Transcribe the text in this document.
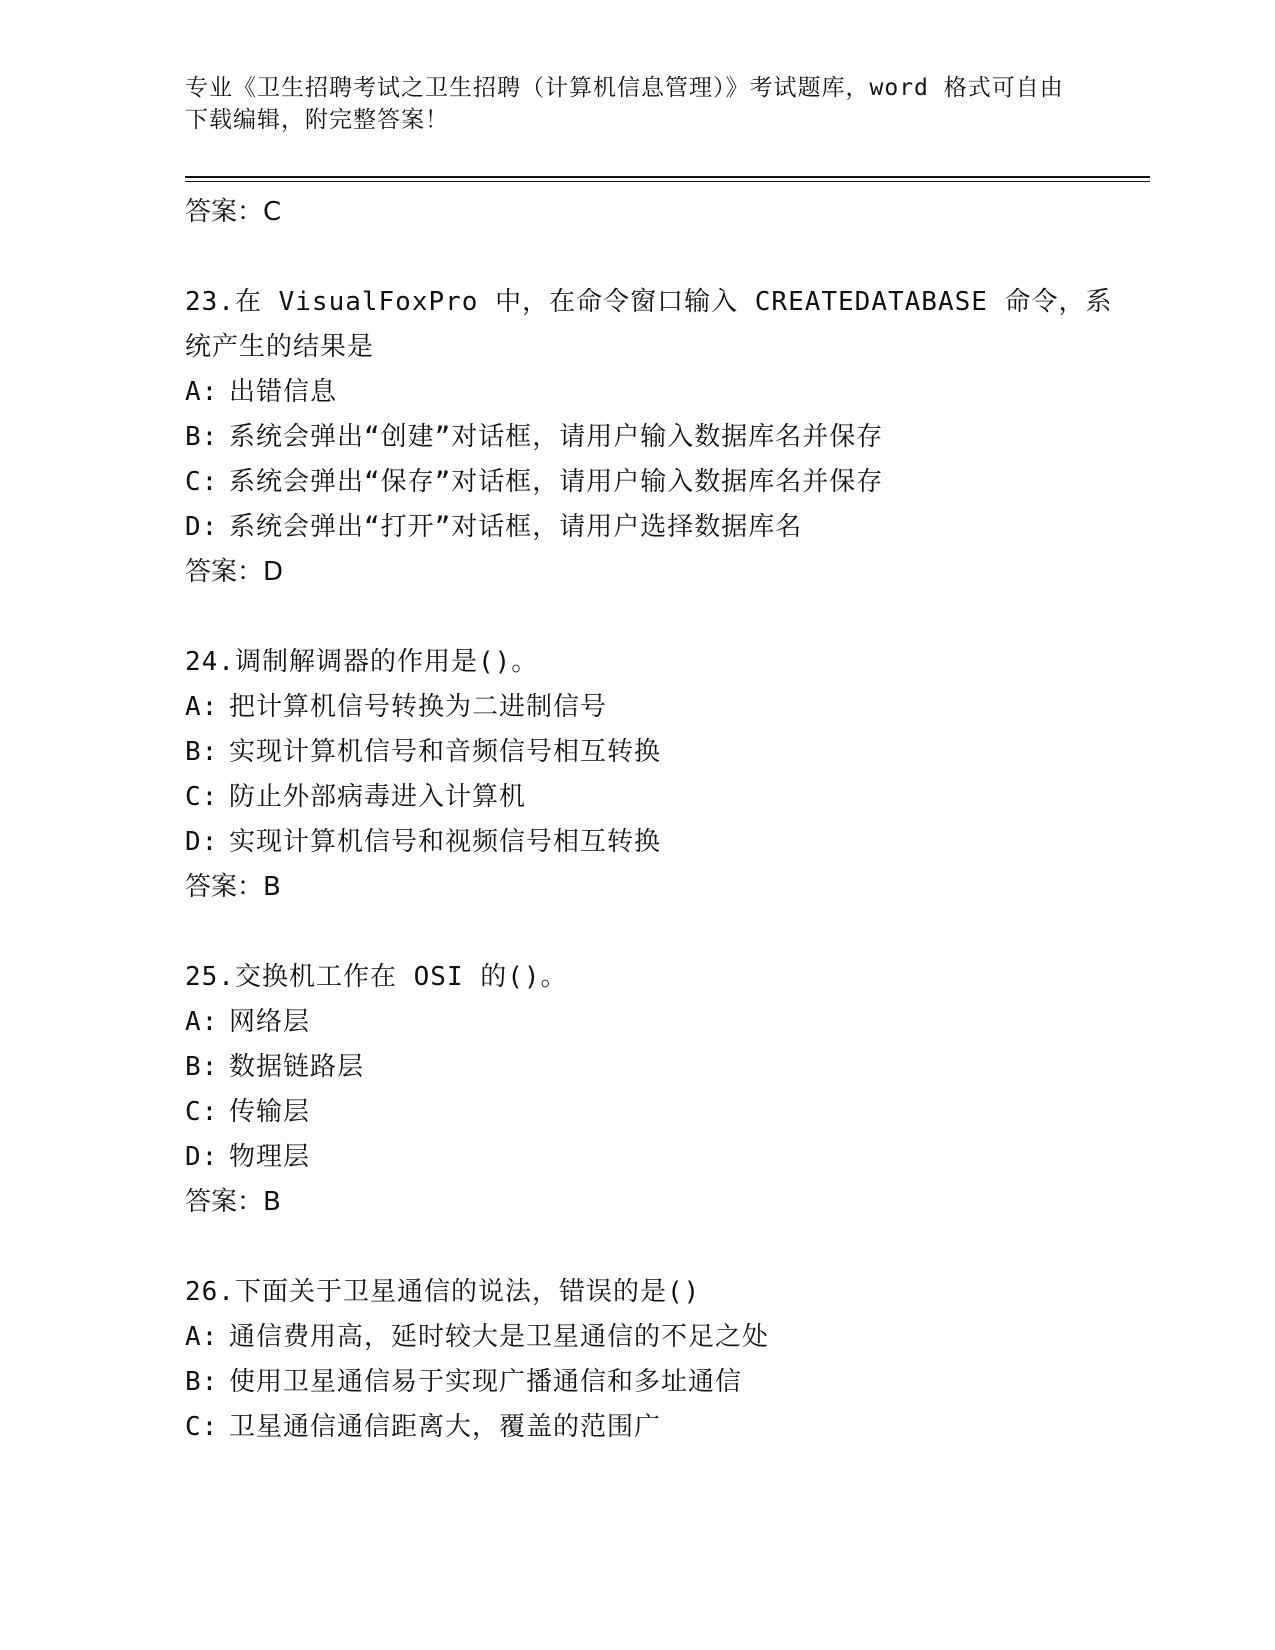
专业《卫生招聘考试之卫生招聘（计算机信息管理）》考试题库，word 格式可自由下载编辑，附完整答案！

答案：C

23.在 VisualFoxPro 中，在命令窗口输入 CREATEDATABASE 命令，系统产生的结果是

A: 出错信息

B: 系统会弹出“创建”对话框，请用户输入数据库名并保存

C: 系统会弹出“保存”对话框，请用户输入数据库名并保存

D: 系统会弹出“打开”对话框，请用户选择数据库名

答案：D

24.调制解调器的作用是()。

A: 把计算机信号转换为二进制信号

B: 实现计算机信号和音频信号相互转换

C: 防止外部病毒进入计算机

D: 实现计算机信号和视频信号相互转换

答案：B

25.交换机工作在 OSI 的()。

A: 网络层

B: 数据链路层

C: 传输层

D: 物理层

答案：B

26.下面关于卫星通信的说法，错误的是()

A: 通信费用高，延时较大是卫星通信的不足之处

B: 使用卫星通信易于实现广播通信和多址通信

C: 卫星通信通信距离大，覆盖的范围广
